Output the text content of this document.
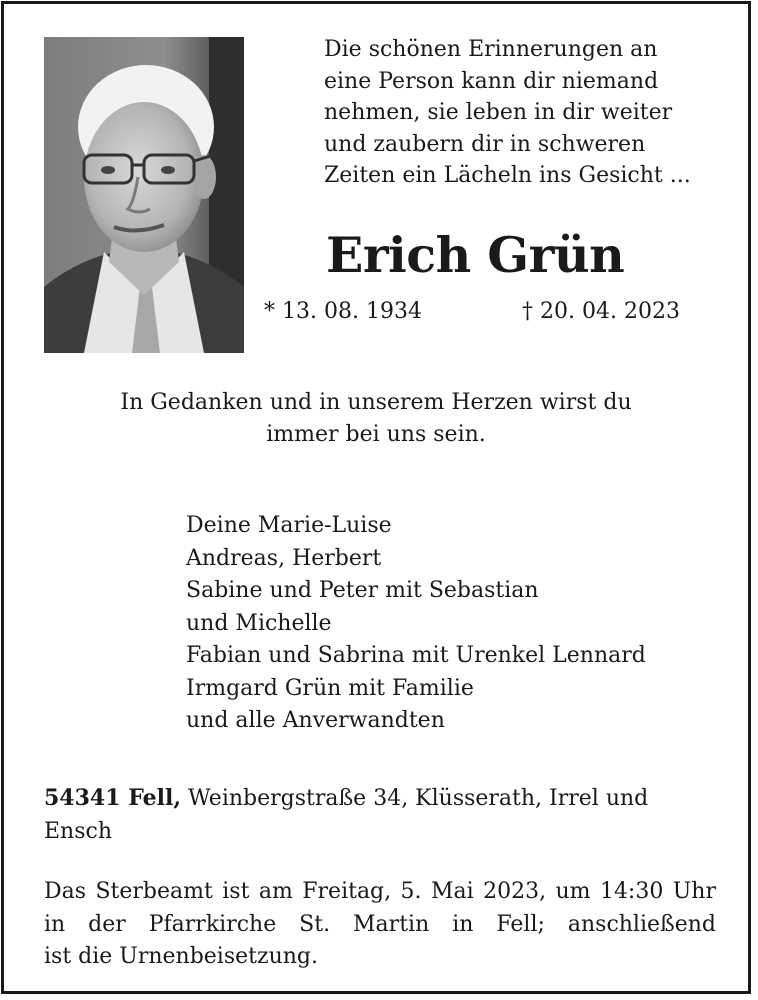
Die schönen Erinnerungen an
eine Person kann dir niemand
nehmen, sie leben in dir weiter
und zaubern dir in schweren
Zeiten ein Lächeln ins Gesicht ...
Erich Grün
* 13. 08. 1934	† 20. 04. 2023
In Gedanken und in unserem Herzen wirst du
immer bei uns sein.
Deine Marie-Luise
Andreas, Herbert
Sabine und Peter mit Sebastian
und Michelle
Fabian und Sabrina mit Urenkel Lennard
Irmgard Grün mit Familie
und alle Anverwandten
54341 Fell, Weinbergstraße 34, Klüsserath, Irrel und Ensch
Das Sterbeamt ist am Freitag, 5. Mai 2023, um 14:30 Uhr
in der Pfarrkirche St. Martin in Fell; anschließend
ist die Urnenbeisetzung.
